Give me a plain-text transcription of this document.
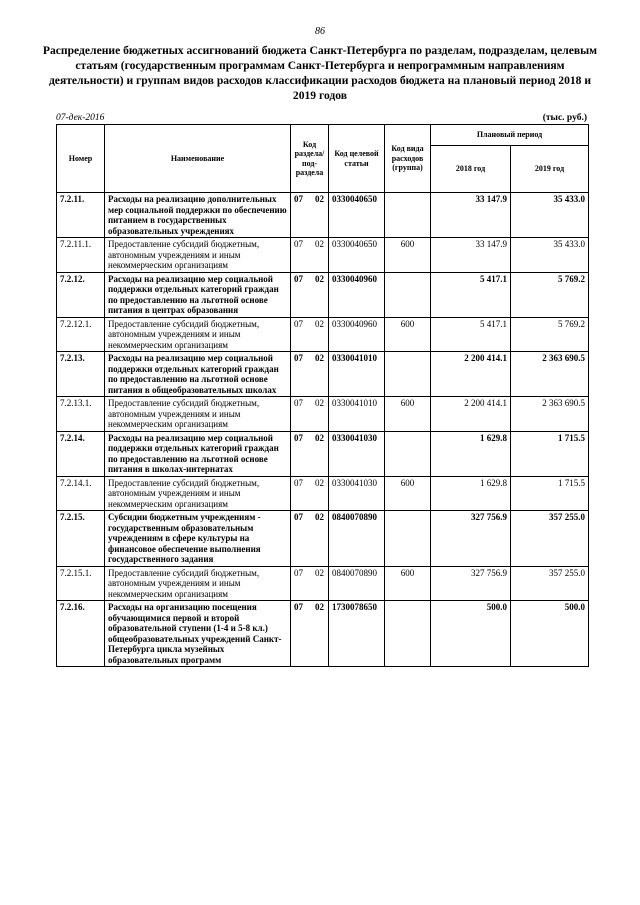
86
Распределение бюджетных ассигнований бюджета Санкт-Петербурга по разделам, подразделам, целевым статьям (государственным программам Санкт-Петербурга и непрограммным направлениям деятельности) и группам видов расходов классификации расходов бюджета на плановый период 2018 и 2019 годов
07-дек-2016	(тыс. руб.)
Номер	Наименование	Код раздела/ под-раздела	Код целевой статьи	Код вида расходов (группа)	Плановый период	
					2018 год	2019 год
7.2.11.	Расходы на реализацию дополнительных мер социальной поддержки по обеспечению питанием в государственных образовательных учреждениях	07 02	0330040650		33 147.9	35 433.0
7.2.11.1.	Предоставление субсидий бюджетным, автономным учреждениям и иным некоммерческим организациям	07 02	0330040650	600	33 147.9	35 433.0
7.2.12.	Расходы на реализацию мер социальной поддержки отдельных категорий граждан по предоставлению на льготной основе питания в центрах образования	07 02	0330040960		5 417.1	5 769.2
7.2.12.1.	Предоставление субсидий бюджетным, автономным учреждениям и иным некоммерческим организациям	07 02	0330040960	600	5 417.1	5 769.2
7.2.13.	Расходы на реализацию мер социальной поддержки отдельных категорий граждан по предоставлению на льготной основе питания в общеобразовательных школах	07 02	0330041010		2 200 414.1	2 363 690.5
7.2.13.1.	Предоставление субсидий бюджетным, автономным учреждениям и иным некоммерческим организациям	07 02	0330041010	600	2 200 414.1	2 363 690.5
7.2.14.	Расходы на реализацию мер социальной поддержки отдельных категорий граждан по предоставлению на льготной основе питания в школах-интернатах	07 02	0330041030		1 629.8	1 715.5
7.2.14.1.	Предоставление субсидий бюджетным, автономным учреждениям и иным некоммерческим организациям	07 02	0330041030	600	1 629.8	1 715.5
7.2.15.	Субсидии бюджетным учреждениям - государственным образовательным учреждениям в сфере культуры на финансовое обеспечение выполнения государственного задания	07 02	0840070890		327 756.9	357 255.0
7.2.15.1.	Предоставление субсидий бюджетным, автономным учреждениям и иным некоммерческим организациям	07 02	0840070890	600	327 756.9	357 255.0
7.2.16.	Расходы на организацию посещения обучающимися первой и второй образовательной ступени (1-4 и 5-8 кл.) общеобразовательных учреждений Санкт-Петербурга цикла музейных образовательных программ	07 02	1730078650		500.0	500.0
